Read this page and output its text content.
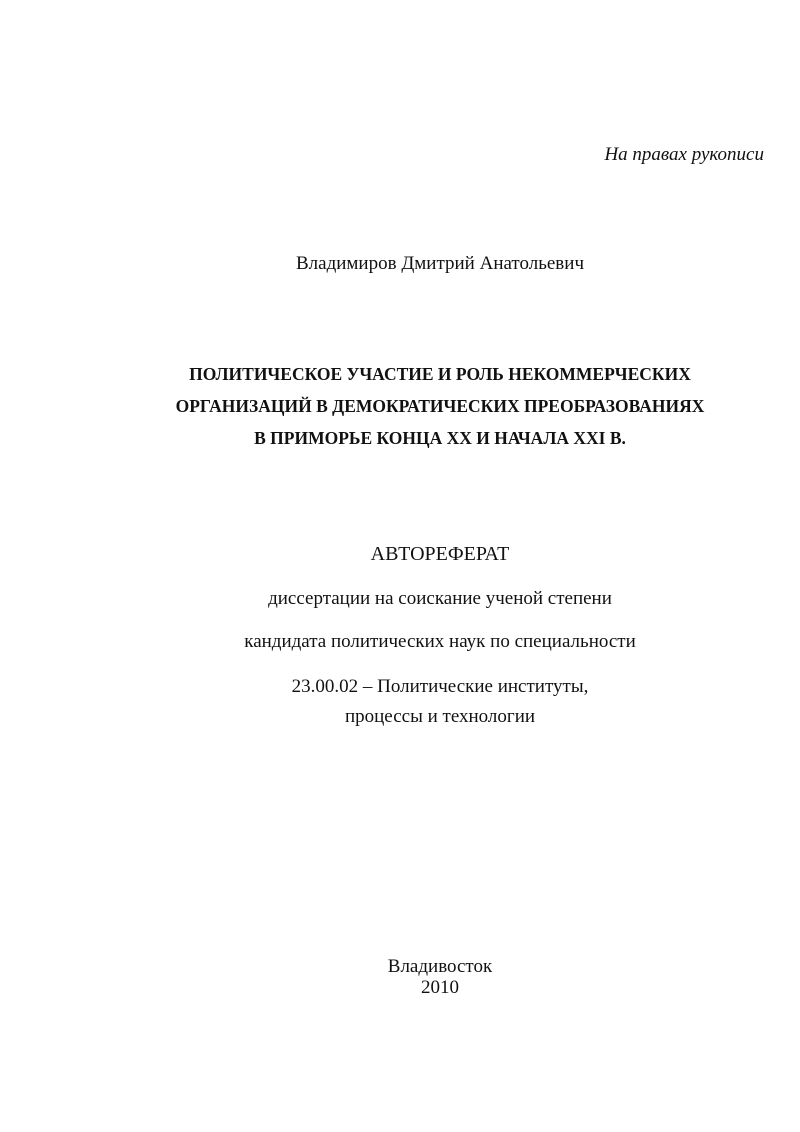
На правах рукописи
Владимиров Дмитрий Анатольевич
ПОЛИТИЧЕСКОЕ УЧАСТИЕ И РОЛЬ НЕКОММЕРЧЕСКИХ
ОРГАНИЗАЦИЙ В ДЕМОКРАТИЧЕСКИХ ПРЕОБРАЗОВАНИЯХ
В ПРИМОРЬЕ КОНЦА XX И НАЧАЛА XXI В.
АВТОРЕФЕРАТ
диссертации на соискание ученой степени
кандидата политических наук по специальности
23.00.02 – Политические институты,
процессы и технологии
Владивосток
2010
